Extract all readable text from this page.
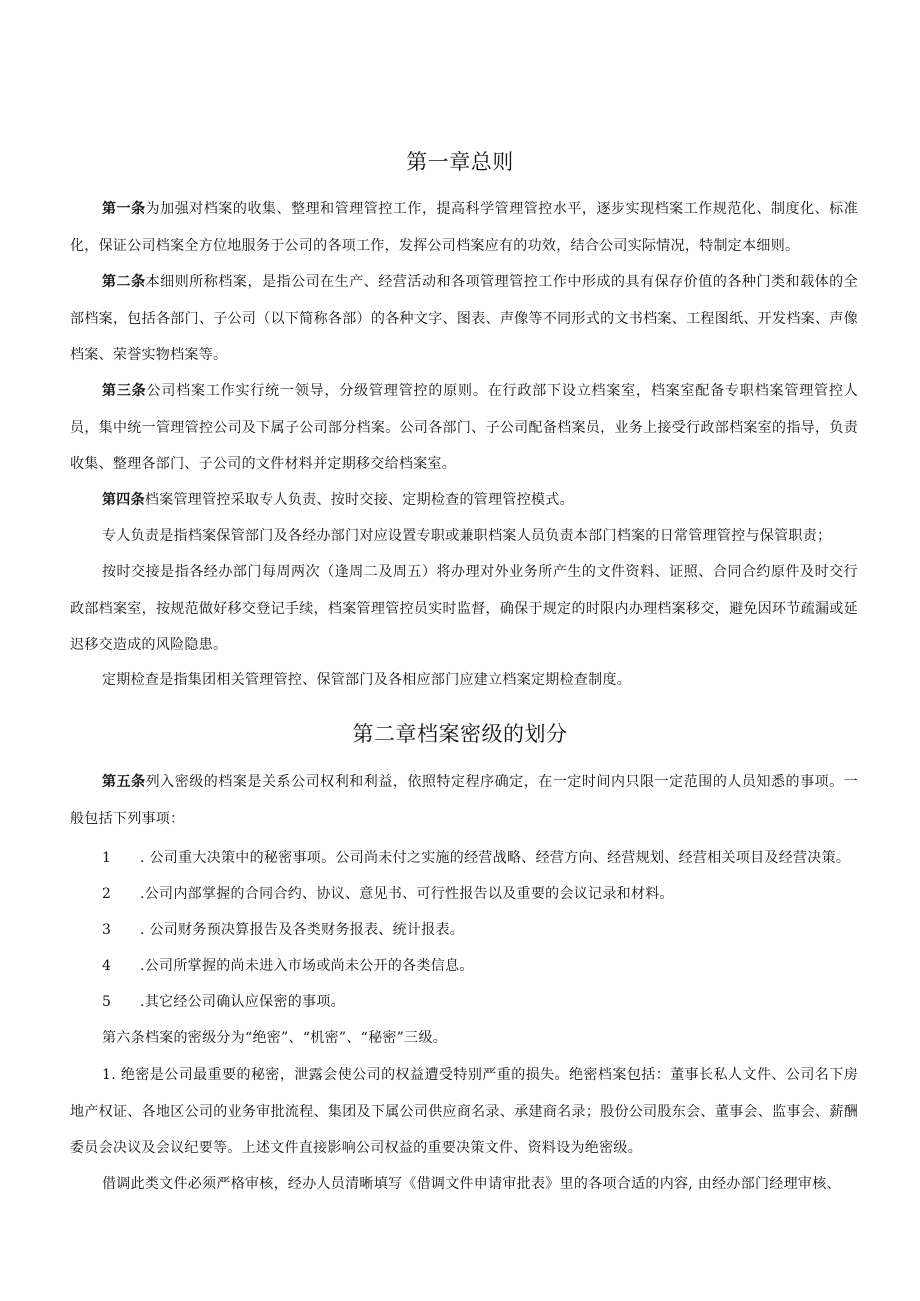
第一章总则
第一条为加强对档案的收集、整理和管理管控工作，提高科学管理管控水平，逐步实现档案工作规范化、制度化、标准化，保证公司档案全方位地服务于公司的各项工作，发挥公司档案应有的功效，结合公司实际情况，特制定本细则。
第二条本细则所称档案，是指公司在生产、经营活动和各项管理管控工作中形成的具有保存价值的各种门类和载体的全部档案，包括各部门、子公司（以下简称各部）的各种文字、图表、声像等不同形式的文书档案、工程图纸、开发档案、声像档案、荣誉实物档案等。
第三条公司档案工作实行统一领导，分级管理管控的原则。在行政部下设立档案室，档案室配备专职档案管理管控人员，集中统一管理管控公司及下属子公司部分档案。公司各部门、子公司配备档案员，业务上接受行政部档案室的指导，负责收集、整理各部门、子公司的文件材料并定期移交给档案室。
第四条档案管理管控采取专人负责、按时交接、定期检查的管理管控模式。
专人负责是指档案保管部门及各经办部门对应设置专职或兼职档案人员负责本部门档案的日常管理管控与保管职责；
按时交接是指各经办部门每周两次（逢周二及周五）将办理对外业务所产生的文件资料、证照、合同合约原件及时交行政部档案室，按规范做好移交登记手续，档案管理管控员实时监督，确保于规定的时限内办理档案移交，避免因环节疏漏或延迟移交造成的风险隐患。
定期检查是指集团相关管理管控、保管部门及各相应部门应建立档案定期检查制度。
第二章档案密级的划分
第五条列入密级的档案是关系公司权利和利益，依照特定程序确定，在一定时间内只限一定范围的人员知悉的事项。一般包括下列事项：
1 . 公司重大决策中的秘密事项。公司尚未付之实施的经营战略、经营方向、经营规划、经营相关项目及经营决策。
2 .公司内部掌握的合同合约、协议、意见书、可行性报告以及重要的会议记录和材料。
3 . 公司财务预决算报告及各类财务报表、统计报表。
4 .公司所掌握的尚未进入市场或尚未公开的各类信息。
5 .其它经公司确认应保密的事项。
第六条档案的密级分为“绝密”、“机密”、“秘密”三级。
1. 绝密是公司最重要的秘密，泄露会使公司的权益遭受特别严重的损失。绝密档案包括：董事长私人文件、公司名下房地产权证、各地区公司的业务审批流程、集团及下属公司供应商名录、承建商名录；股份公司股东会、董事会、监事会、薪酬委员会决议及会议纪要等。上述文件直接影响公司权益的重要决策文件、资料设为绝密级。
借调此类文件必须严格审核，经办人员清晰填写《借调文件申请审批表》里的各项合适的内容, 由经办部门经理审核、
